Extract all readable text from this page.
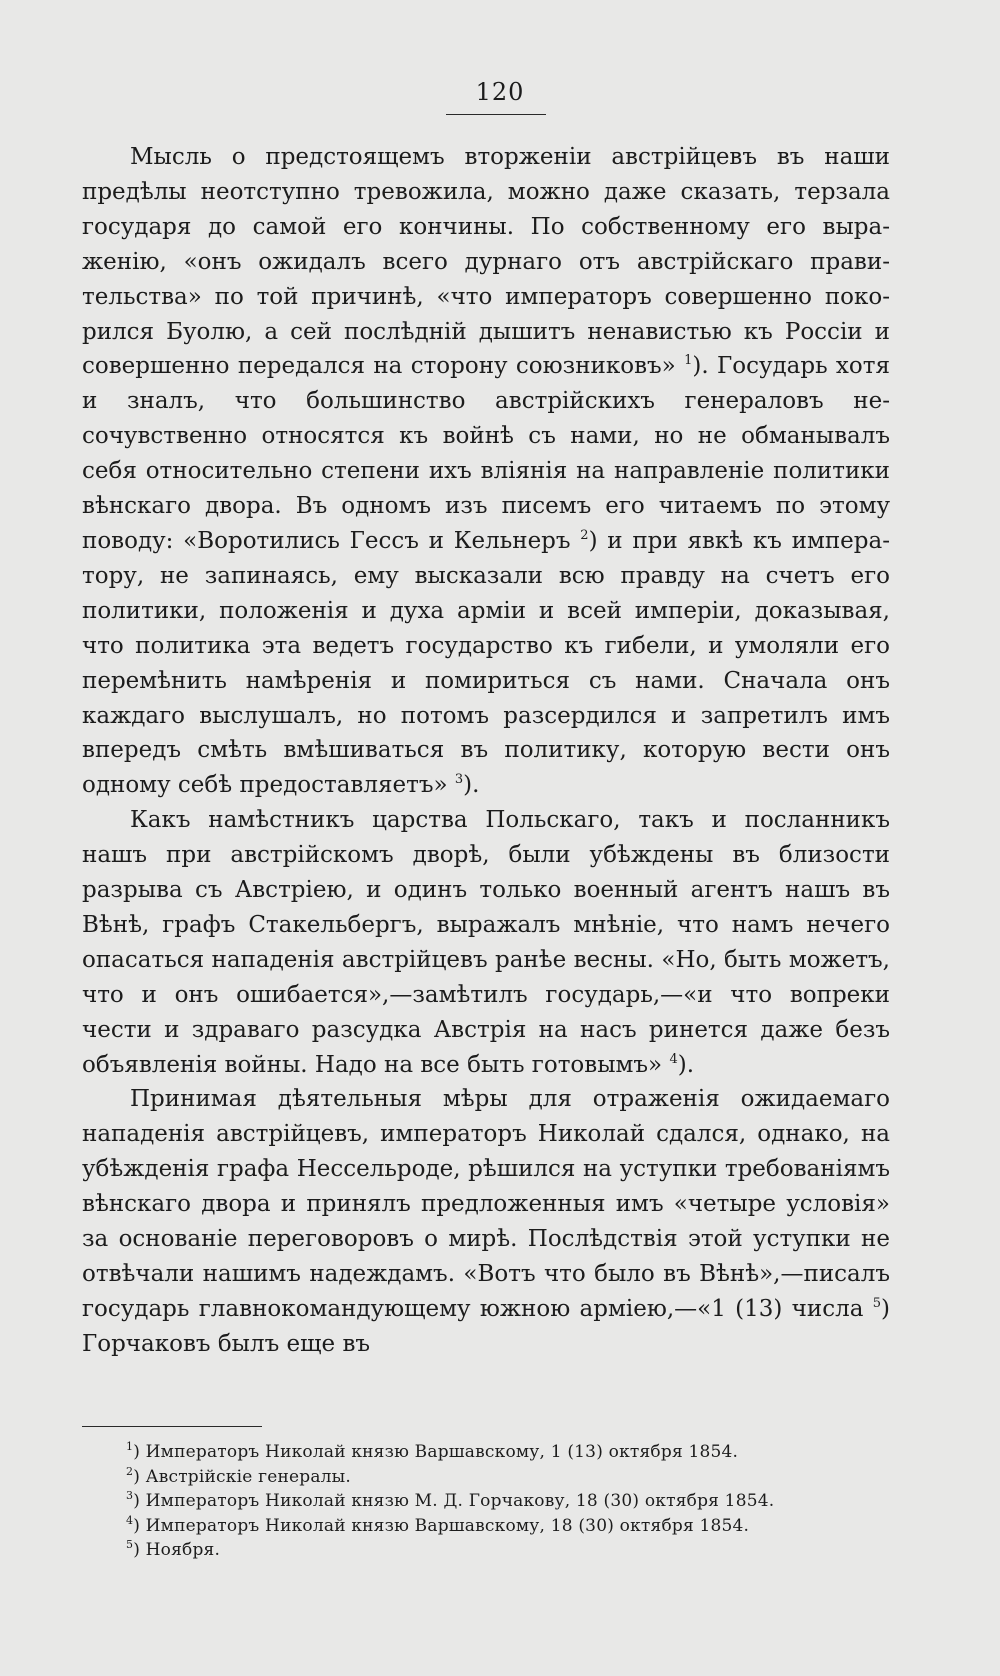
120

Мысль о предстоящемъ вторженiи австрiйцевъ въ наши предѣлы неотступно тревожила, можно даже сказать, терзала государя до самой его кончины. По собственному его выраженiю, «онъ ожидалъ всего дурнаго отъ австрiйскаго правительства» по той причинѣ, «что императоръ совершенно покорился Буолю, а сей послѣднiй дышитъ ненавистью къ Россiи и совершенно передался на сторону союзниковъ» $^1$). Государь хотя и зналъ, что большинство австрiйскихъ генераловъ несочувственно относятся къ войнѣ съ нами, но не обманывалъ себя относительно степени ихъ влiянiя на направленiе политики вѣнскаго двора. Въ одномъ изъ писемъ его читаемъ по этому поводу: «Воротились Гессъ и Кельнеръ $^2$) и при явкѣ къ императору, не запинаясь, ему высказали всю правду на счетъ его политики, положенiя и духа армiи и всей имперiи, доказывая, что политика эта ведетъ государство къ гибели, и умоляли его перемѣнить намѣренiя и помириться съ нами. Сначала онъ каждаго выслушалъ, но потомъ разсердился и запретилъ имъ впередъ смѣть вмѣшиваться въ политику, которую вести онъ одному себѣ предоставляетъ» $^3$).

Какъ намѣстникъ царства Польскаго, такъ и посланникъ нашъ при австрiйскомъ дворѣ, были убѣждены въ близости разрыва съ Австрiею, и одинъ только военный агентъ нашъ въ Вѣнѣ, графъ Стакельбергъ, выражалъ мнѣнiе, что намъ нечего опасаться нападенiя австрiйцевъ ранѣе весны. «Но, быть можетъ, что и онъ ошибается»,—замѣтилъ государь,—«и что вопреки чести и здраваго разсудка Австрiя на насъ ринется даже безъ объявленiя войны. Надо на все быть готовымъ» $^4$).

Принимая дѣятельныя мѣры для отраженiя ожидаемаго нападенiя австрiйцевъ, императоръ Николай сдался, однако, на убѣжденiя графа Нессельроде, рѣшился на уступки требованiямъ вѣнскаго двора и принялъ предложенныя имъ «четыре условiя» за основанiе переговоровъ о мирѣ. Послѣдствiя этой уступки не отвѣчали нашимъ надеждамъ. «Вотъ что было въ Вѣнѣ»,—писалъ государь главнокомандующему южною армiею,—«1 (13) числа $^5$) Горчаковъ былъ еще въ

$^1$) Императоръ Николай князю Варшавскому, 1 (13) октября 1854.
$^2$) Австрiйскiе генералы.
$^3$) Императоръ Николай князю М. Д. Горчакову, 18 (30) октября 1854.
$^4$) Императоръ Николай князю Варшавскому, 18 (30) октября 1854.
$^5$) Ноября.
